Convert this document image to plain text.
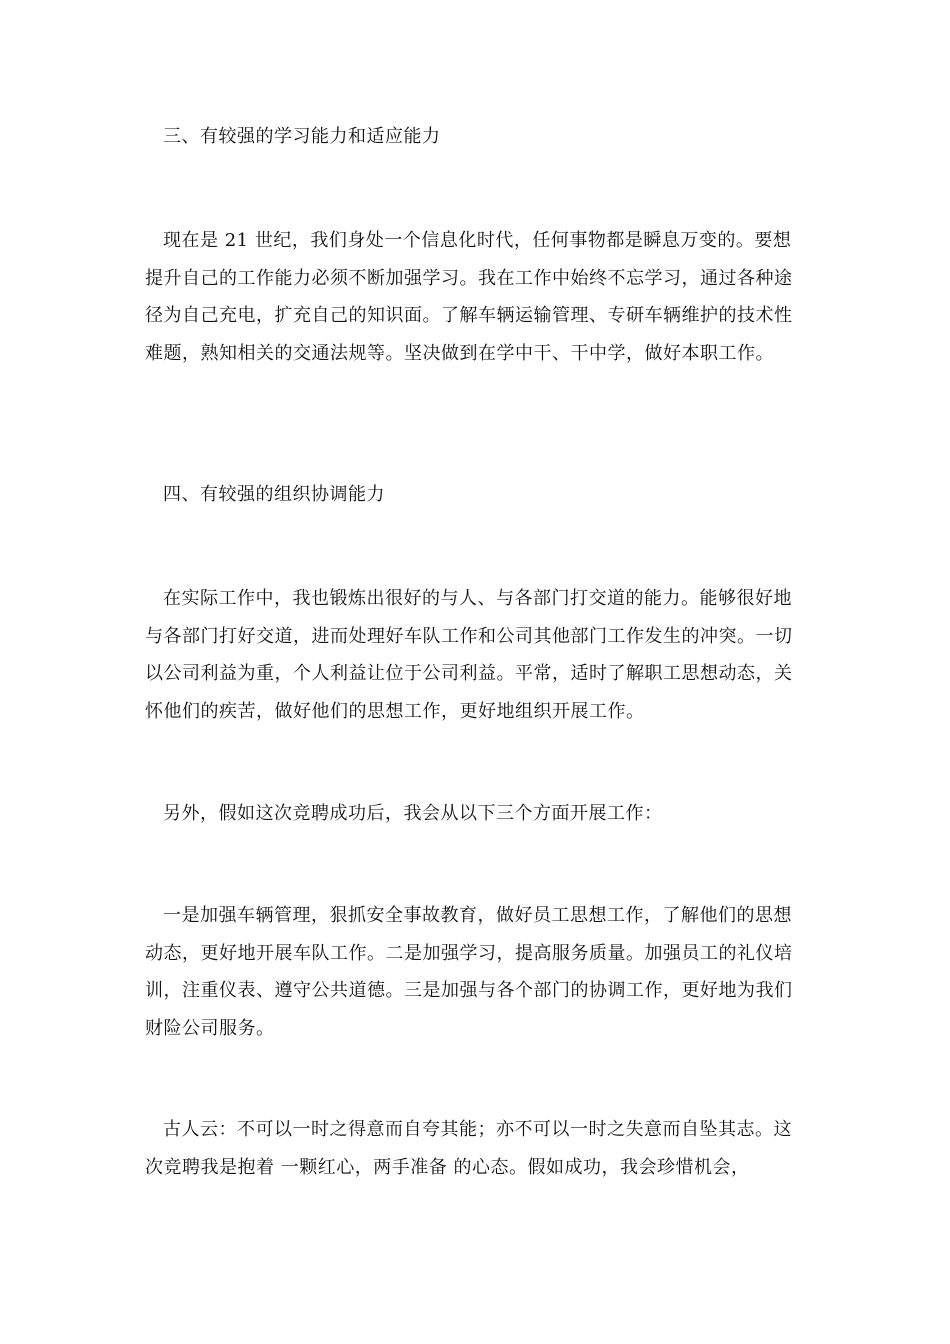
三、有较强的学习能力和适应能力

现在是 21 世纪，我们身处一个信息化时代，任何事物都是瞬息万变的。要想提升自己的工作能力必须不断加强学习。我在工作中始终不忘学习，通过各种途径为自己充电，扩充自己的知识面。了解车辆运输管理、专研车辆维护的技术性难题，熟知相关的交通法规等。坚决做到在学中干、干中学，做好本职工作。

四、有较强的组织协调能力

在实际工作中，我也锻炼出很好的与人、与各部门打交道的能力。能够很好地与各部门打好交道，进而处理好车队工作和公司其他部门工作发生的冲突。一切以公司利益为重，个人利益让位于公司利益。平常，适时了解职工思想动态，关怀他们的疾苦，做好他们的思想工作，更好地组织开展工作。

另外，假如这次竞聘成功后，我会从以下三个方面开展工作：

一是加强车辆管理，狠抓安全事故教育，做好员工思想工作，了解他们的思想动态，更好地开展车队工作。二是加强学习，提高服务质量。加强员工的礼仪培训，注重仪表、遵守公共道德。三是加强与各个部门的协调工作，更好地为我们财险公司服务。

古人云：不可以一时之得意而自夸其能；亦不可以一时之失意而自坠其志。这次竞聘我是抱着 一颗红心，两手准备 的心态。假如成功，我会珍惜机会，
